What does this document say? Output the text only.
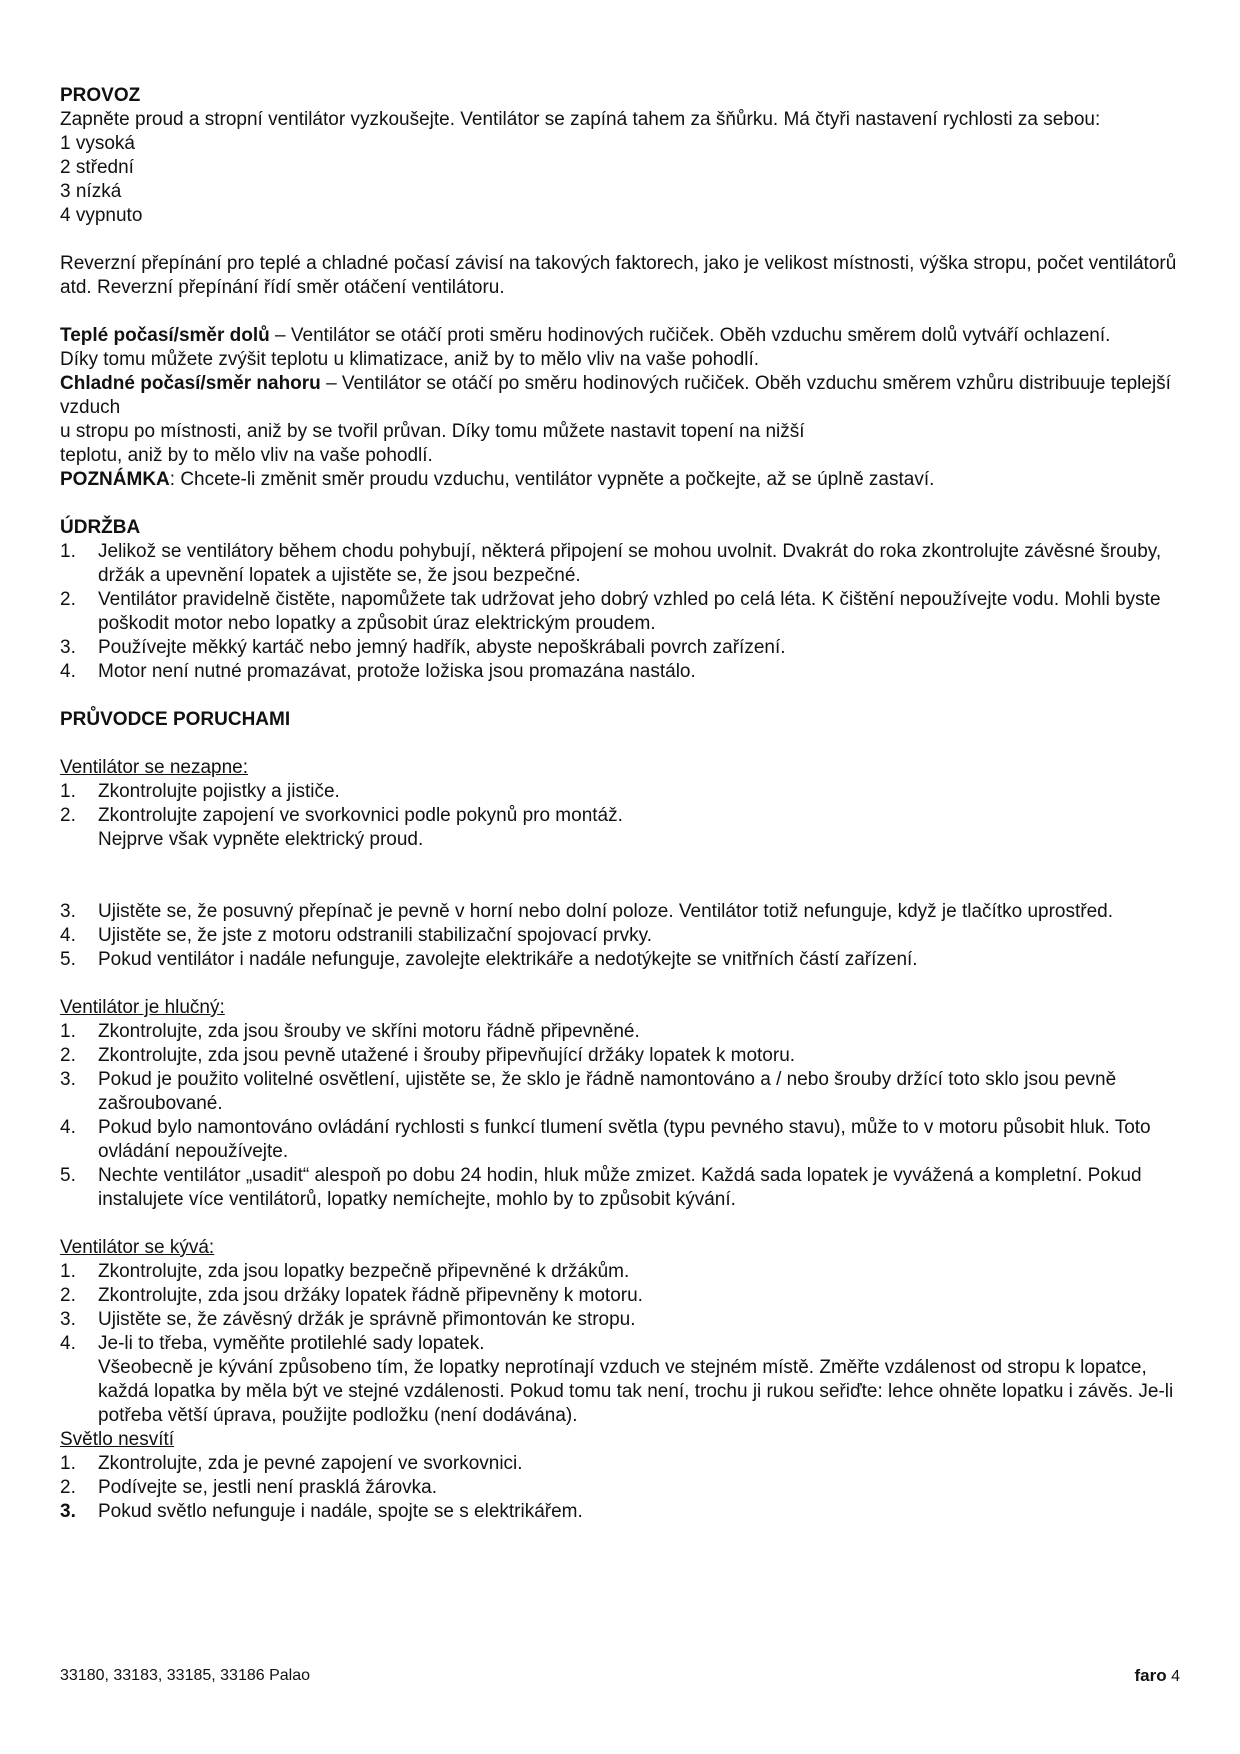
PROVOZ

Zapněte proud a stropní ventilátor vyzkoušejte. Ventilátor se zapíná tahem za šňůrku. Má čtyři nastavení rychlosti za sebou:

1 vysoká

2 střední

3 nízká

4 vypnuto

Reverzní přepínání pro teplé a chladné počasí závisí na takových faktorech, jako je velikost místnosti, výška stropu, počet ventilátorů atd. Reverzní přepínání řídí směr otáčení ventilátoru.

Teplé počasí/směr dolů – Ventilátor se otáčí proti směru hodinových ručiček. Oběh vzduchu směrem dolů vytváří ochlazení.

Díky tomu můžete zvýšit teplotu u klimatizace, aniž by to mělo vliv na vaše pohodlí.

Chladné počasí/směr nahoru – Ventilátor se otáčí po směru hodinových ručiček. Oběh vzduchu směrem vzhůru distribuuje teplejší vzduch

u stropu po místnosti, aniž by se tvořil průvan. Díky tomu můžete nastavit topení na nižší

teplotu, aniž by to mělo vliv na vaše pohodlí.

POZNÁMKA: Chcete-li změnit směr proudu vzduchu, ventilátor vypněte a počkejte, až se úplně zastaví.

ÚDRŽBA

1. Jelikož se ventilátory během chodu pohybují, některá připojení se mohou uvolnit. Dvakrát do roka zkontrolujte závěsné šrouby, držák a upevnění lopatek a ujistěte se, že jsou bezpečné.
2. Ventilátor pravidelně čistěte, napomůžete tak udržovat jeho dobrý vzhled po celá léta. K čištění nepoužívejte vodu. Mohli byste poškodit motor nebo lopatky a způsobit úraz elektrickým proudem.
3. Používejte měkký kartáč nebo jemný hadřík, abyste nepoškrábali povrch zařízení.
4. Motor není nutné promazávat, protože ložiska jsou promazána nastálo.

PRŮVODCE PORUCHAMI

Ventilátor se nezapne:

1. Zkontrolujte pojistky a jističe.
2. Zkontrolujte zapojení ve svorkovnici podle pokynů pro montáž.
Nejprve však vypněte elektrický proud.
3. Ujistěte se, že posuvný přepínač je pevně v horní nebo dolní poloze. Ventilátor totiž nefunguje, když je tlačítko uprostřed.
4. Ujistěte se, že jste z motoru odstranili stabilizační spojovací prvky.
5. Pokud ventilátor i nadále nefunguje, zavolejte elektrikáře a nedotýkejte se vnitřních částí zařízení.

Ventilátor je hlučný:

1. Zkontrolujte, zda jsou šrouby ve skříni motoru řádně připevněné.
2. Zkontrolujte, zda jsou pevně utažené i šrouby připevňující držáky lopatek k motoru.
3. Pokud je použito volitelné osvětlení, ujistěte se, že sklo je řádně namontováno a / nebo šrouby držící toto sklo jsou pevně zašroubované.
4. Pokud bylo namontováno ovládání rychlosti s funkcí tlumení světla (typu pevného stavu), může to v motoru působit hluk. Toto ovládání nepoužívejte.
5. Nechte ventilátor „usadit“ alespoň po dobu 24 hodin, hluk může zmizet. Každá sada lopatek je vyvážená a kompletní. Pokud instalujete více ventilátorů, lopatky nemíchejte, mohlo by to způsobit kývání.

Ventilátor se kývá:

1. Zkontrolujte, zda jsou lopatky bezpečně připevněné k držákům.
2. Zkontrolujte, zda jsou držáky lopatek řádně připevněny k motoru.
3. Ujistěte se, že závěsný držák je správně přimontován ke stropu.
4. Je-li to třeba, vyměňte protilehlé sady lopatek.
Všeobecně je kývání způsobeno tím, že lopatky neprotínají vzduch ve stejném místě. Změřte vzdálenost od stropu k lopatce, každá lopatka by měla být ve stejné vzdálenosti. Pokud tomu tak není, trochu ji rukou seřiďte: lehce ohněte lopatku i závěs. Je-li potřeba větší úprava, použijte podložku (není dodávána).

Světlo nesvítí

1. Zkontrolujte, zda je pevné zapojení ve svorkovnici.
2. Podívejte se, jestli není prasklá žárovka.
3. Pokud světlo nefunguje i nadále, spojte se s elektrikářem.
33180, 33183, 33185, 33186 Palao	faro 4
